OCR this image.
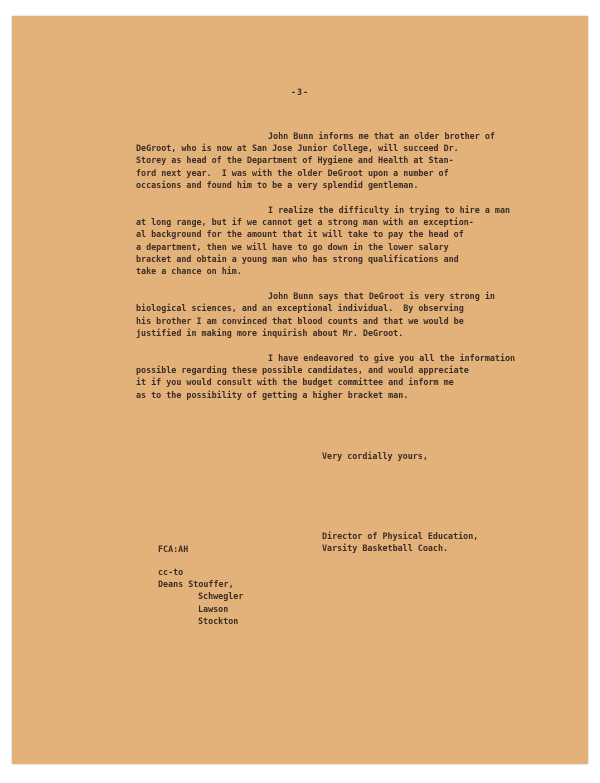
-3-
John Bunn informs me that an older brother of
DeGroot, who is now at San Jose Junior College, will succeed Dr.
Storey as head of the Department of Hygiene and Health at Stan-
ford next year.  I was with the older DeGroot upon a number of
occasions and found him to be a very splendid gentleman.
I realize the difficulty in trying to hire a man
at long range, but if we cannot get a strong man with an exception-
al background for the amount that it will take to pay the head of
a department, then we will have to go down in the lower salary
bracket and obtain a young man who has strong qualifications and
take a chance on him.
John Bunn says that DeGroot is very strong in
biological sciences, and an exceptional individual.  By observing
his brother I am convinced that blood counts and that we would be
justified in making more inquirish about Mr. DeGroot.
I have endeavored to give you all the information
possible regarding these possible candidates, and would appreciate
it if you would consult with the budget committee and inform me
as to the possibility of getting a higher bracket man.
Very cordially yours,
Director of Physical Education,
Varsity Basketball Coach.
FCA:AH
cc-to
Deans Stouffer,
Schwegler
Lawson
Stockton
